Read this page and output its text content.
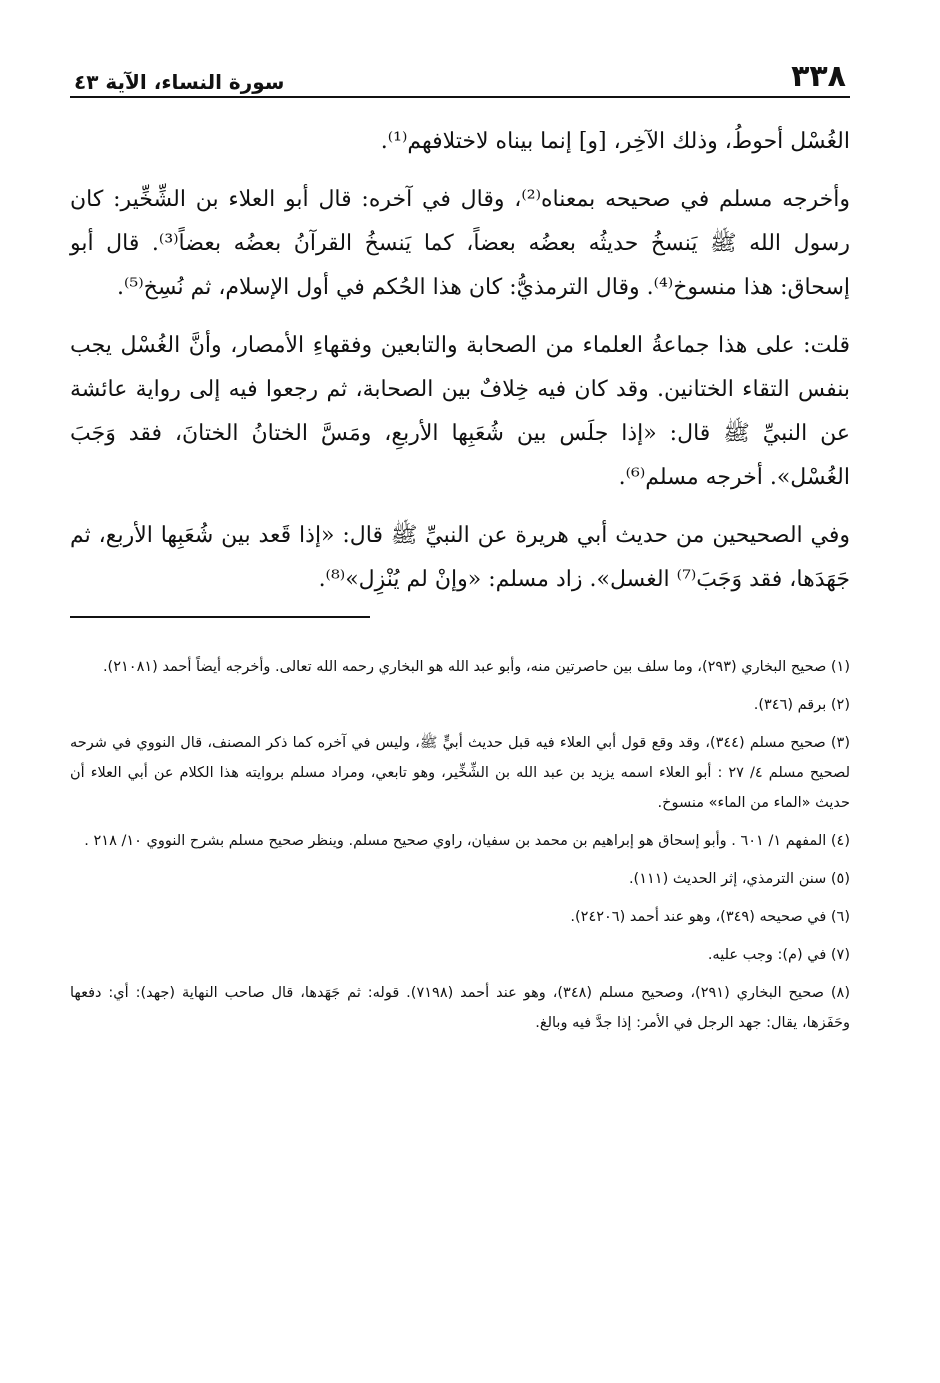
٣٣٨
سورة النساء، الآية ٤٣

الغُسْل أحوطُ، وذلك الآخِر، [و] إنما بيناه لاختلافهم⁽¹⁾.

وأخرجه مسلم في صحيحه بمعناه⁽²⁾، وقال في آخره: قال أبو العلاء بن الشِّخِّير: كان رسول الله ﷺ يَنسخُ حديثُه بعضُه بعضاً، كما يَنسخُ القرآنُ بعضُه بعضاً⁽³⁾. قال أبو إسحاق: هذا منسوخ⁽⁴⁾. وقال الترمذيُّ: كان هذا الحُكم في أول الإسلام، ثم نُسِخ⁽⁵⁾.

قلت: على هذا جماعةُ العلماء من الصحابة والتابعين وفقهاءِ الأمصار، وأنَّ الغُسْل يجب بنفس التقاء الختانين. وقد كان فيه خِلافٌ بين الصحابة، ثم رجعوا فيه إلى رواية عائشة عن النبيِّ ﷺ قال: «إذا جلَس بين شُعَبِها الأربعِ، ومَسَّ الختانُ الختانَ، فقد وَجَبَ الغُسْل». أخرجه مسلم⁽⁶⁾.

وفي الصحيحين من حديث أبي هريرة عن النبيِّ ﷺ قال: «إذا قَعد بين شُعَبِها الأربع، ثم جَهَدَها، فقد وَجَبَ⁽⁷⁾ الغسل». زاد مسلم: «وإنْ لم يُنْزِل»⁽⁸⁾.

(١) صحيح البخاري (٢٩٣)، وما سلف بين حاصرتين منه، وأبو عبد الله هو البخاري رحمه الله تعالى. وأخرجه أيضاً أحمد (٢١٠٨١).

(٢) برقم (٣٤٦).

(٣) صحيح مسلم (٣٤٤)، وقد وقع قول أبي العلاء فيه قبل حديث أبيٍّ ﷺ، وليس في آخره كما ذكر المصنف، قال النووي في شرحه لصحيح مسلم ٤/ ٢٧ : أبو العلاء اسمه يزيد بن عبد الله بن الشِّخِّير، وهو تابعي، ومراد مسلم بروايته هذا الكلام عن أبي العلاء أن حديث «الماء من الماء» منسوخ.

(٤) المفهم ١/ ٦٠١ . وأبو إسحاق هو إبراهيم بن محمد بن سفيان، راوي صحيح مسلم. وينظر صحيح مسلم بشرح النووي ١٠/ ٢١٨ .

(٥) سنن الترمذي، إثر الحديث (١١١).

(٦) في صحيحه (٣٤٩)، وهو عند أحمد (٢٤٢٠٦).

(٧) في (م): وجب عليه.

(٨) صحيح البخاري (٢٩١)، وصحيح مسلم (٣٤٨)، وهو عند أحمد (٧١٩٨). قوله: ثم جَهَدها، قال صاحب النهاية (جهد): أي: دفعها وحَفَزها، يقال: جهد الرجل في الأمر: إذا جدَّ فيه وبالغ.
